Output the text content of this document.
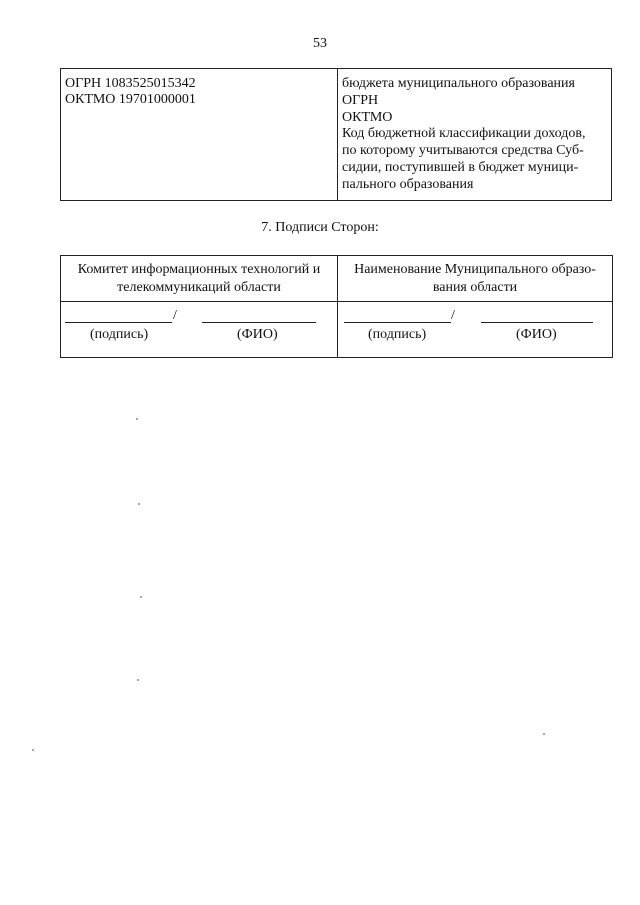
53
ОГРН 1083525015342
ОКТМО 19701000001
бюджета муниципального образования
ОГРН
ОКТМО
Код бюджетной классификации доходов,
по которому учитываются средства Суб-
сидии, поступившей в бюджет муници-
пального образования
7. Подписи Сторон:
Комитет информационных технологий и
телекоммуникаций области
Наименование Муниципального образо-
вания области
/
(подпись)	(ФИО)
/
(подпись)	(ФИО)
